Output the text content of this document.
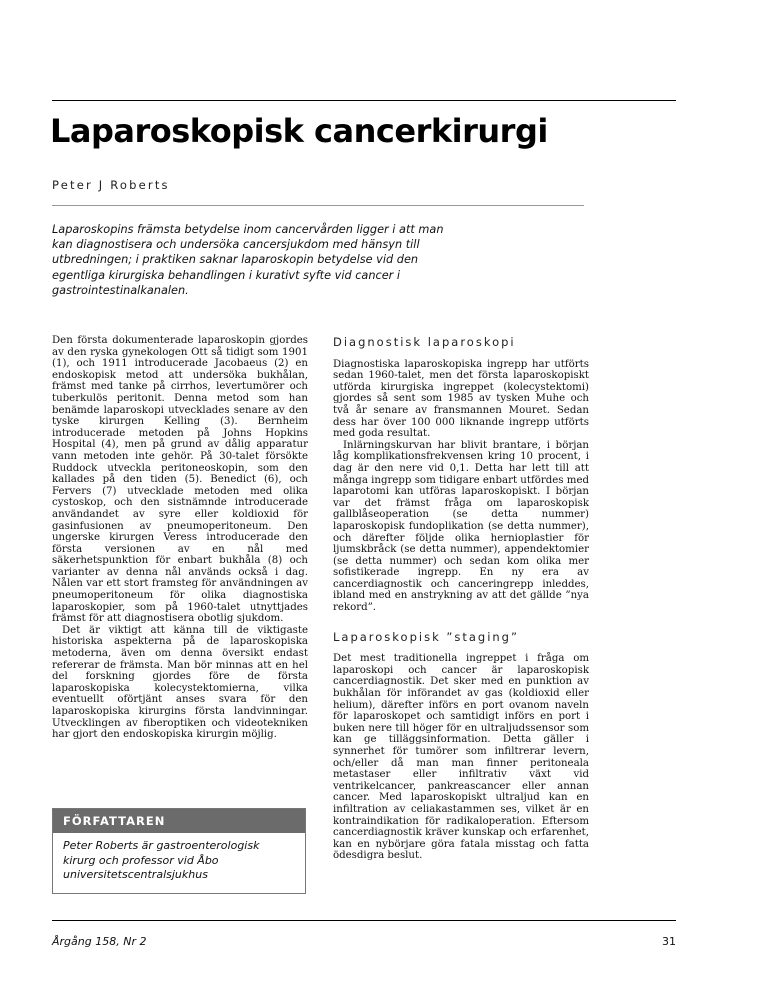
Laparoskopisk cancerkirurgi
Peter J Roberts

Laparoskopins främsta betydelse inom cancervården ligger i att man kan diagnostisera och undersöka cancersjukdom med hänsyn till utbredningen; i praktiken saknar laparoskopin betydelse vid den egentliga kirurgiska behandlingen i kurativt syfte vid cancer i gastrointestinalkanalen.

Den första dokumenterade laparoskopin gjordes av den ryska gynekologen Ott så tidigt som 1901 (1), och 1911 introducerade Jacobaeus (2) en endoskopisk metod att undersöka bukhålan, främst med tanke på cirrhos, levertumörer och tuberkulös peritonit. Denna metod som han benämde laparoskopi utvecklades senare av den tyske kirurgen Kelling (3). Bernheim introducerade metoden på Johns Hopkins Hospital (4), men på grund av dålig apparatur vann metoden inte gehör. På 30-talet försökte Ruddock utveckla peritoneoskopin, som den kallades på den tiden (5). Benedict (6), och Fervers (7) utvecklade metoden med olika cystoskop, och den sistnämnde introducerade användandet av syre eller koldioxid för gasinfusionen av pneumoperitoneum. Den ungerske kirurgen Veress introducerade den första versionen av en nål med säkerhetspunktion för enbart bukhåla (8) och varianter av denna nål används också i dag. Nålen var ett stort framsteg för användningen av pneumoperitoneum för olika diagnostiska laparoskopier, som på 1960-talet utnyttjades främst för att diagnostisera obotlig sjukdom.

Det är viktigt att känna till de viktigaste historiska aspekterna på de laparoskopiska metoderna, även om denna översikt endast refererar de främsta. Man bör minnas att en hel del forskning gjordes före de första laparoskopiska kolecystektomierna, vilka eventuellt oförtjänt anses svara för den laparoskopiska kirurgins första landvinningar. Utvecklingen av fiberoptiken och videotekniken har gjort den endoskopiska kirurgin möjlig.

FÖRFATTAREN
Peter Roberts är gastroenterologisk kirurg och professor vid Åbo universitetscentralsjukhus
Diagnostisk laparoskopi

Diagnostiska laparoskopiska ingrepp har utförts sedan 1960-talet, men det första laparoskopiskt utförda kirurgiska ingreppet (kolecystektomi) gjordes så sent som 1985 av tysken Muhe och två år senare av fransmannen Mouret. Sedan dess har över 100 000 liknande ingrepp utförts med goda resultat.

Inlärningskurvan har blivit brantare, i början låg komplikationsfrekvensen kring 10 procent, i dag är den nere vid 0,1. Detta har lett till att många ingrepp som tidigare enbart utfördes med laparotomi kan utföras laparoskopiskt. I början var det främst fråga om laparoskopisk gallblåseoperation (se detta nummer) laparoskopisk fundoplikation (se detta nummer), och därefter följde olika hernioplastier för ljumskbråck (se detta nummer), appendektomier (se detta nummer) och sedan kom olika mer sofistikerade ingrepp. En ny era av cancerdiagnostik och canceringrepp inleddes, ibland med en anstrykning av att det gällde ”nya rekord”.

Laparoskopisk ”staging”

Det mest traditionella ingreppet i fråga om laparoskopi och cancer är laparoskopisk cancerdiagnostik. Det sker med en punktion av bukhålan för införandet av gas (koldioxid eller helium), därefter införs en port ovanom naveln för laparoskopet och samtidigt införs en port i buken nere till höger för en ultraljudssensor som kan ge tilläggsinformation. Detta gäller i synnerhet för tumörer som infiltrerar levern, och/eller då man man finner peritoneala metastaser eller infiltrativ växt vid ventrikelcancer, pankreascancer eller annan cancer. Med laparoskopiskt ultraljud kan en infiltration av celiakastammen ses, vilket är en kontraindikation för radikaloperation. Eftersom cancerdiagnostik kräver kunskap och erfarenhet, kan en nybörjare göra fatala misstag och fatta ödesdigra beslut.

Årgång 158, Nr 2	31
